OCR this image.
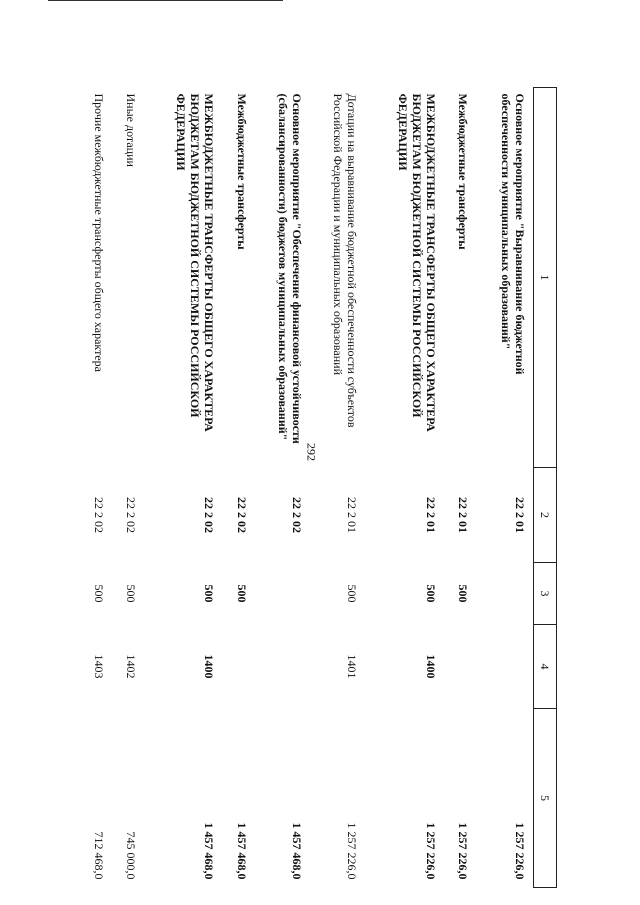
292
1	2	3	4	5
Основное мероприятие "Выравнивание бюджетной обеспеченности муниципальных образований"	22 2 01			1 257 226,0
Межбюджетные трансферты	22 2 01	500		1 257 226,0
МЕЖБЮДЖЕТНЫЕ ТРАНСФЕРТЫ ОБЩЕГО ХАРАКТЕРА БЮДЖЕТАМ БЮДЖЕТНОЙ СИСТЕМЫ РОССИЙСКОЙ ФЕДЕРАЦИИ	22 2 01	500	1400	1 257 226,0
Дотации на выравнивание бюджетной обеспеченности субъектов Российской Федерации и муниципальных образований	22 2 01	500	1401	1 257 226,0
Основное мероприятие "Обеспечение финансовой устойчивости (сбалансированности) бюджетов муниципальных образований"	22 2 02			1 457 468,0
Межбюджетные трансферты	22 2 02	500		1 457 468,0
МЕЖБЮДЖЕТНЫЕ ТРАНСФЕРТЫ ОБЩЕГО ХАРАКТЕРА БЮДЖЕТАМ БЮДЖЕТНОЙ СИСТЕМЫ РОССИЙСКОЙ ФЕДЕРАЦИИ	22 2 02	500	1400	1 457 468,0
Иные дотации	22 2 02	500	1402	745 000,0
Прочие межбюджетные трансферты общего характера	22 2 02	500	1403	712 468,0
